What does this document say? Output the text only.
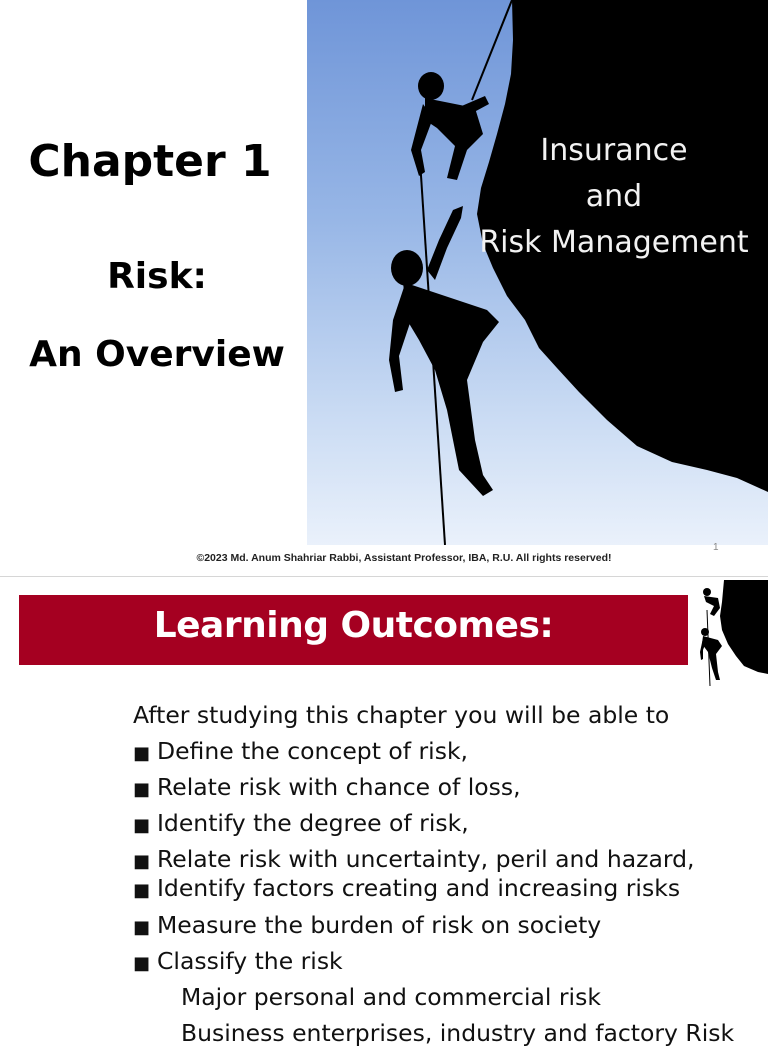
Insurance
and
Risk Management
Chapter 1
Risk:
An Overview
©2023 Md. Anum Shahriar Rabbi, Assistant Professor, IBA, R.U. All rights reserved!
1
Learning Outcomes:
After studying this chapter you will be able to
■ Define the concept of risk,
■ Relate risk with chance of loss,
■ Identify the degree of risk,
■ Relate risk with uncertainty, peril and hazard,
■ Identify factors creating and increasing risks
■ Measure the burden of risk on society
■ Classify the risk
Major personal and commercial risk
Business enterprises, industry and factory Risk
